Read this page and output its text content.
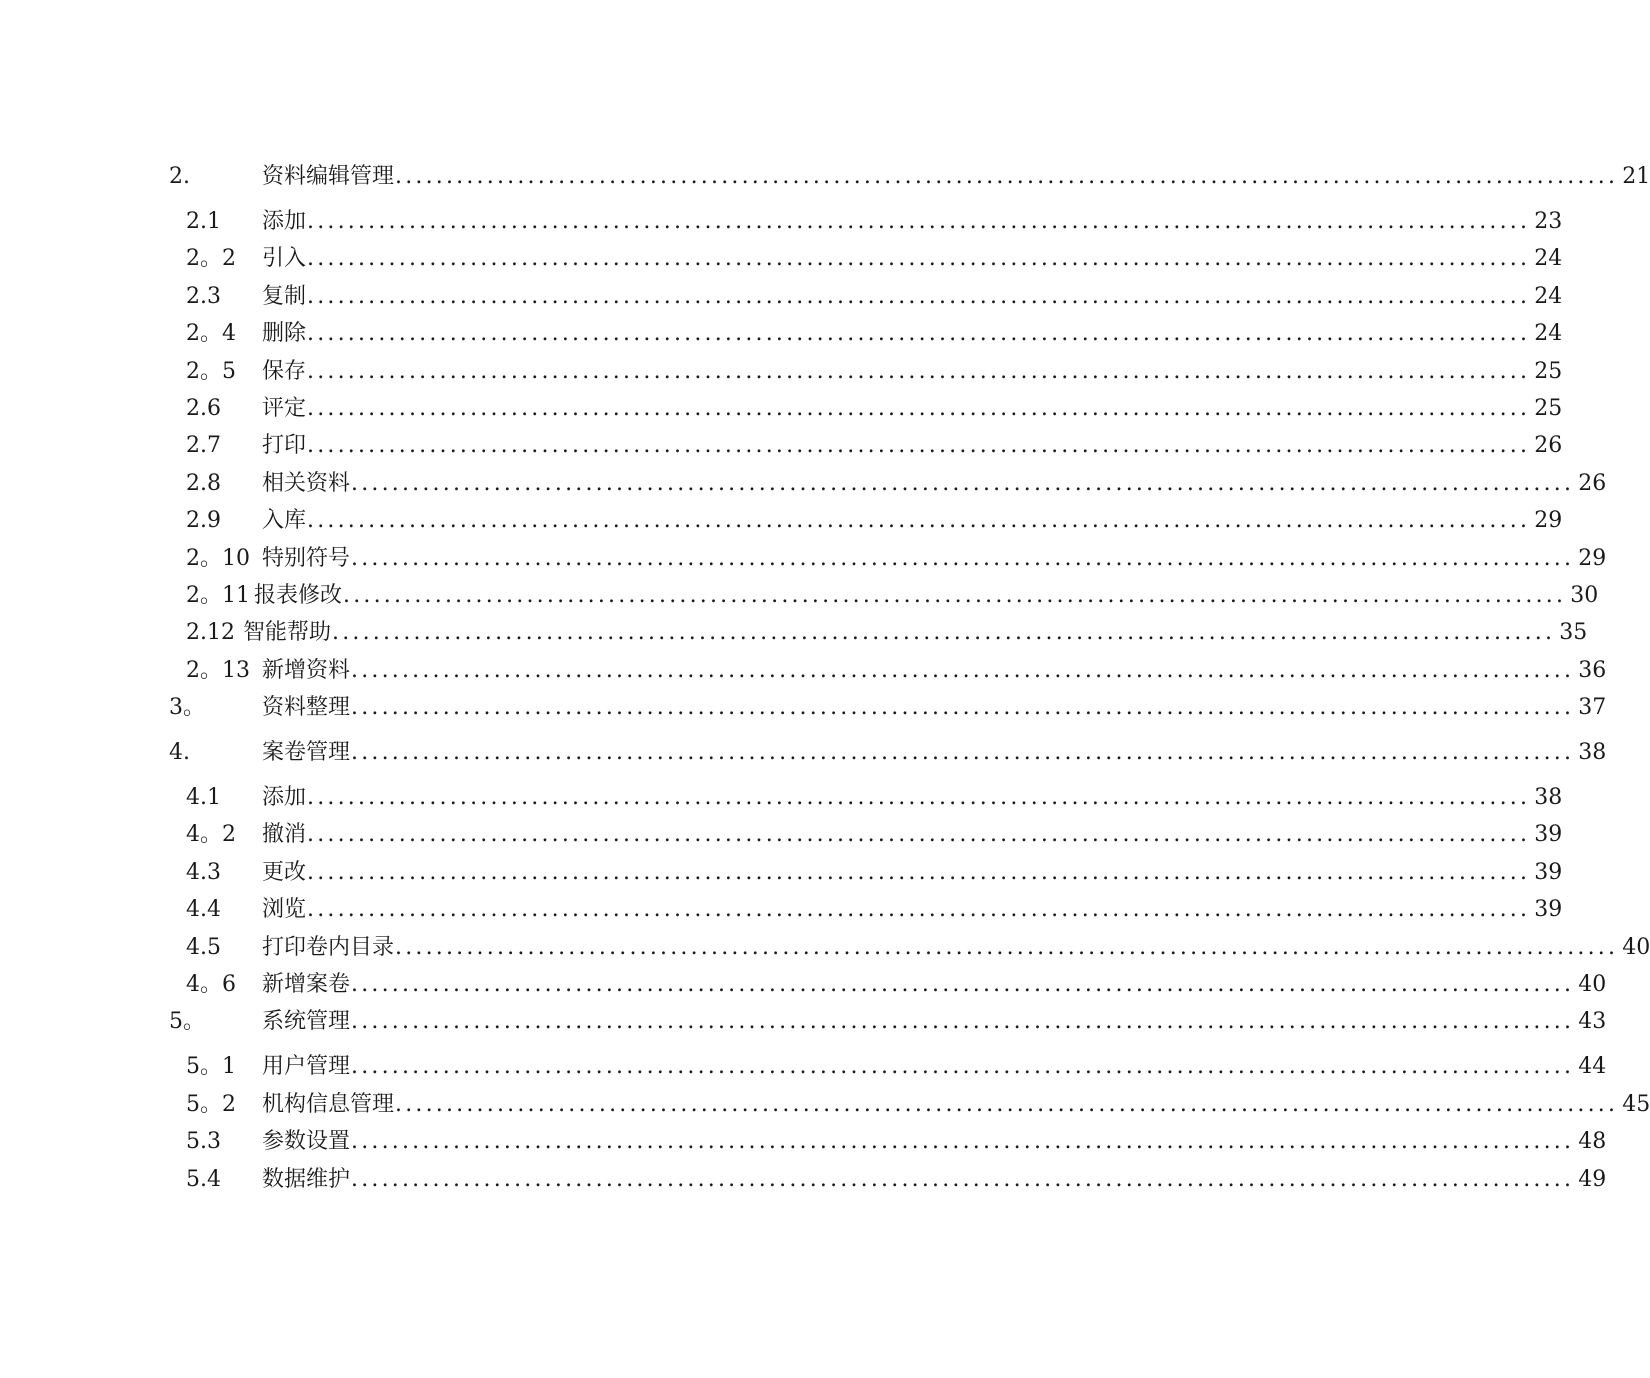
2.	资料编辑管理 ........................................................................................................................ 21
2.1 添加 ........................................................................................................................ 23
2。2 引入 ........................................................................................................................ 24
2.3 复制 ........................................................................................................................ 24
2。4 删除 ........................................................................................................................ 24
2。5 保存 ........................................................................................................................ 25
2.6 评定 ........................................................................................................................ 25
2.7 打印 ........................................................................................................................ 26
2.8 相关资料 ........................................................................................................................ 26
2.9 入库 ........................................................................................................................ 29
2。10 特别符号 ........................................................................................................................ 29
2。11 报表修改 ........................................................................................................................ 30
2.12 智能帮助 ........................................................................................................................ 35
2。13 新增资料 ........................................................................................................................ 36
3。	资料整理 ........................................................................................................................ 37
4.	案卷管理 ........................................................................................................................ 38
4.1 添加 ........................................................................................................................ 38
4。2 撤消 ........................................................................................................................ 39
4.3 更改 ........................................................................................................................ 39
4.4 浏览 ........................................................................................................................ 39
4.5 打印卷内目录 ........................................................................................................................ 40
4。6 新增案卷 ........................................................................................................................ 40
5。	系统管理 ........................................................................................................................ 43
5。1 用户管理 ........................................................................................................................ 44
5。2 机构信息管理 ........................................................................................................................ 45
5.3 参数设置 ........................................................................................................................ 48
5.4 数据维护 ........................................................................................................................ 49
